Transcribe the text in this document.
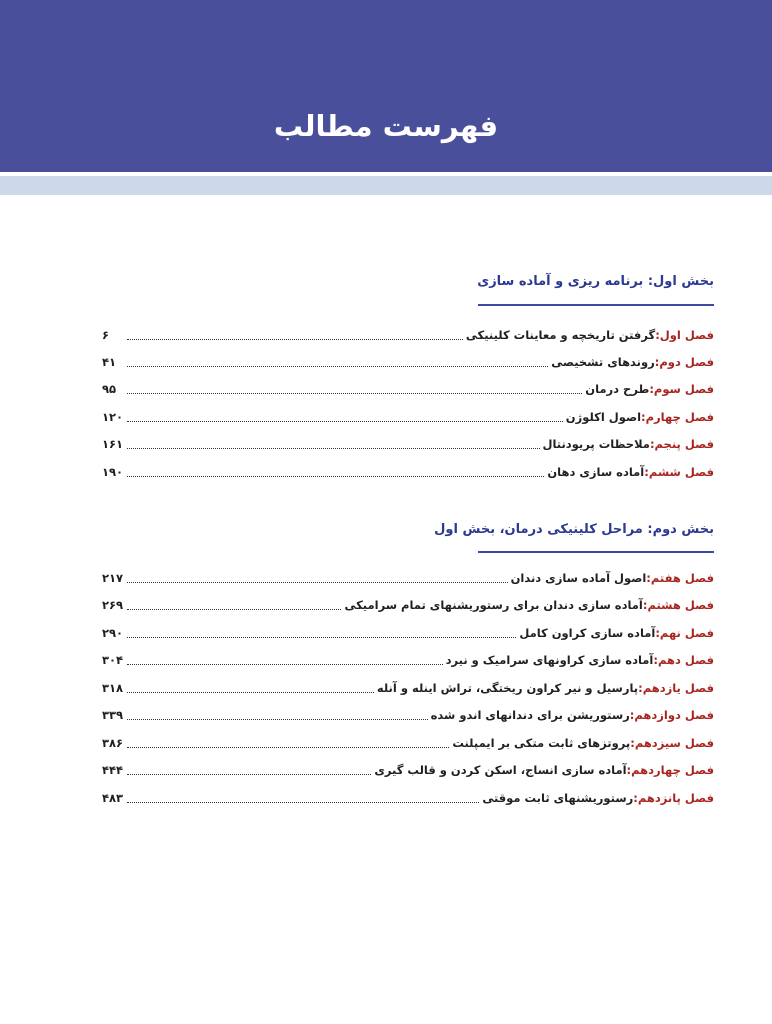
فهرست مطالب
بخش اول: برنامه ریزی و آماده سازی
فصل اول:
گرفتن تاریخچه و معاینات کلینیکی
۶
فصل دوم:
روندهای تشخیصی
۴۱
فصل سوم:
طرح درمان
۹۵
فصل چهارم:
اصول اکلوژن
۱۲۰
فصل پنجم:
ملاحظات پریودنتال
۱۶۱
فصل ششم:
آماده سازی دهان
۱۹۰
بخش دوم: مراحل کلینیکی درمان، بخش اول
فصل هفتم:
اصول آماده سازی دندان
۲۱۷
فصل هشتم:
آماده سازی دندان برای رستوریشنهای تمام سرامیکی
۲۶۹
فصل نهم:
آماده سازی کراون کامل
۲۹۰
فصل دهم:
آماده سازی کراونهای سرامیک و نیرد
۳۰۴
فصل یازدهم:
پارسیل و نیر کراون ریختگی، تراش اینله و آنله
۳۱۸
فصل دوازدهم:
رستوریشن برای دندانهای اندو شده
۳۳۹
فصل سیزدهم:
پروتزهای ثابت متکی بر ایمپلنت
۳۸۶
فصل چهاردهم:
آماده سازی انساج، اسکن کردن و قالب گیری
۴۴۴
فصل پانزدهم:
رستوریشنهای ثابت موقتی
۴۸۳
